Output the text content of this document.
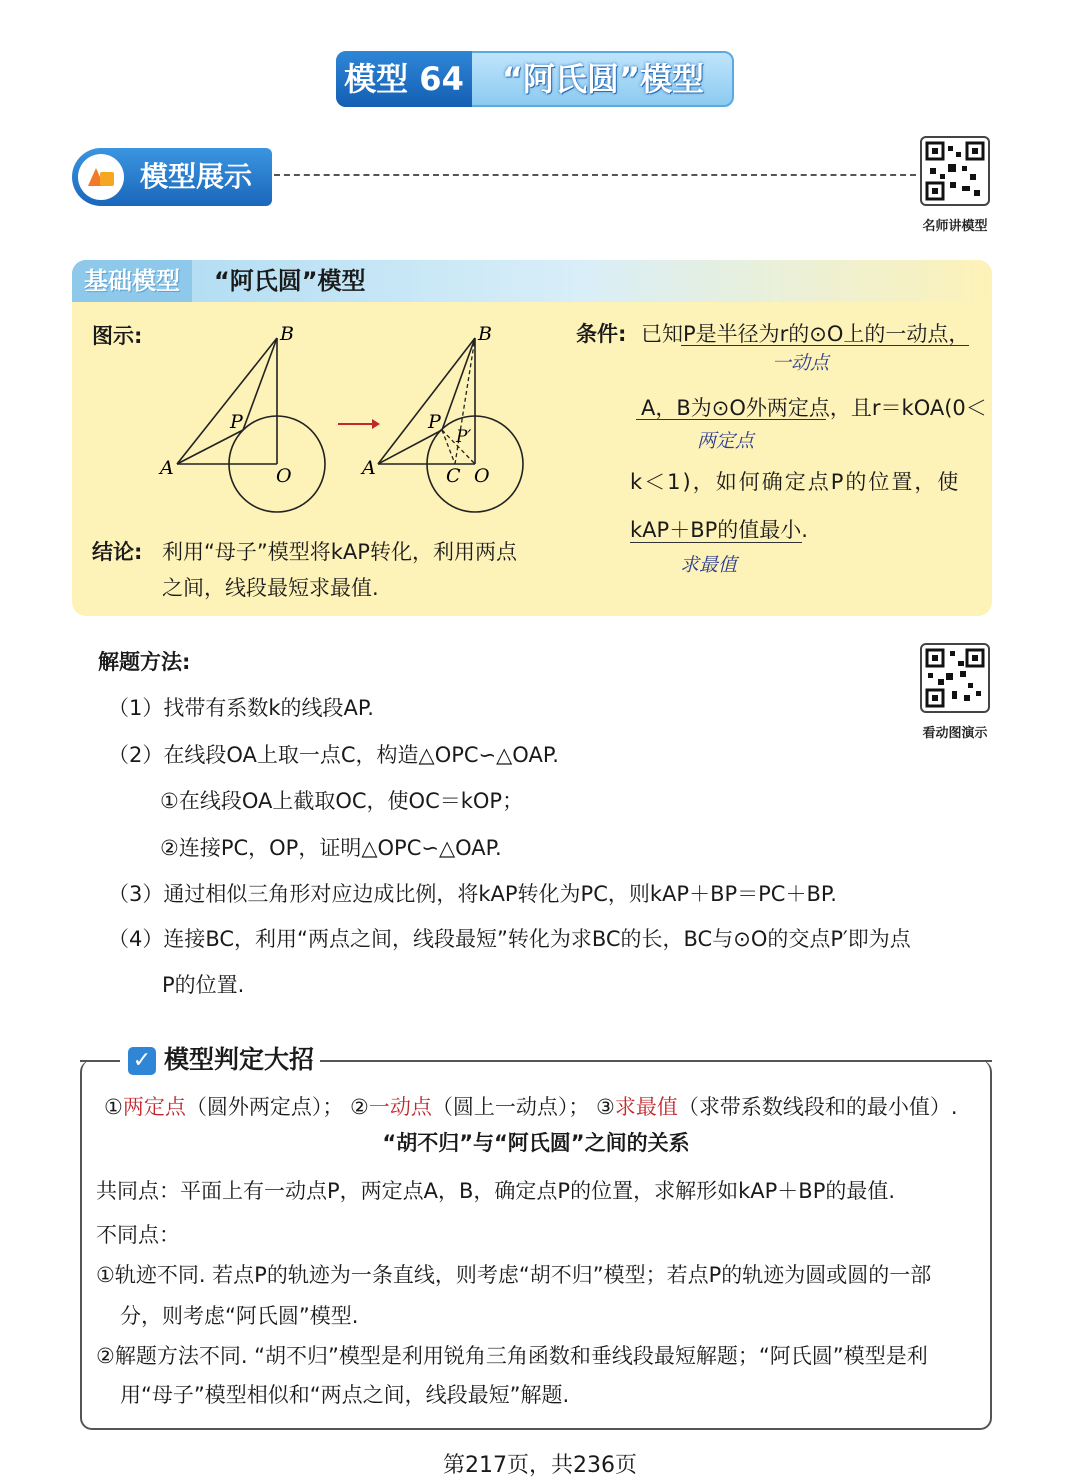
模型 64	“阿氏圆”模型
模型展示
名师讲模型
基础模型	“阿氏圆”模型
图示:	B
P
A	O
B
P
P′
A	C O
条件: 已知P是半径为r的⊙O上的一动点，
一动点
A，B为⊙O外两定点，且r＝kOA(0＜
两定点
k＜1)，如何确定点P的位置，使
kAP＋BP的值最小.
求最值
结论: 利用“母子”模型将kAP转化，利用两点
之间，线段最短求最值.
解题方法:
（1）找带有系数k的线段AP.
（2）在线段OA上取一点C，构造△OPC∽△OAP.
①在线段OA上截取OC，使OC＝kOP；
②连接PC，OP，证明△OPC∽△OAP.
（3）通过相似三角形对应边成比例，将kAP转化为PC，则kAP＋BP＝PC＋BP.
（4）连接BC，利用“两点之间，线段最短”转化为求BC的长，BC与⊙O的交点P′即为点
P的位置.
看动图演示
✓ 模型判定大招
①两定点（圆外两定点）； ②一动点（圆上一动点）； ③求最值（求带系数线段和的最小值）.
“胡不归”与“阿氏圆”之间的关系
共同点：平面上有一动点P，两定点A，B，确定点P的位置，求解形如kAP＋BP的最值.
不同点：
①轨迹不同. 若点P的轨迹为一条直线，则考虑“胡不归”模型；若点P的轨迹为圆或圆的一部
分，则考虑“阿氏圆”模型.
②解题方法不同. “胡不归”模型是利用锐角三角函数和垂线段最短解题；“阿氏圆”模型是利
用“母子”模型相似和“两点之间，线段最短”解题.
第217页，共236页
